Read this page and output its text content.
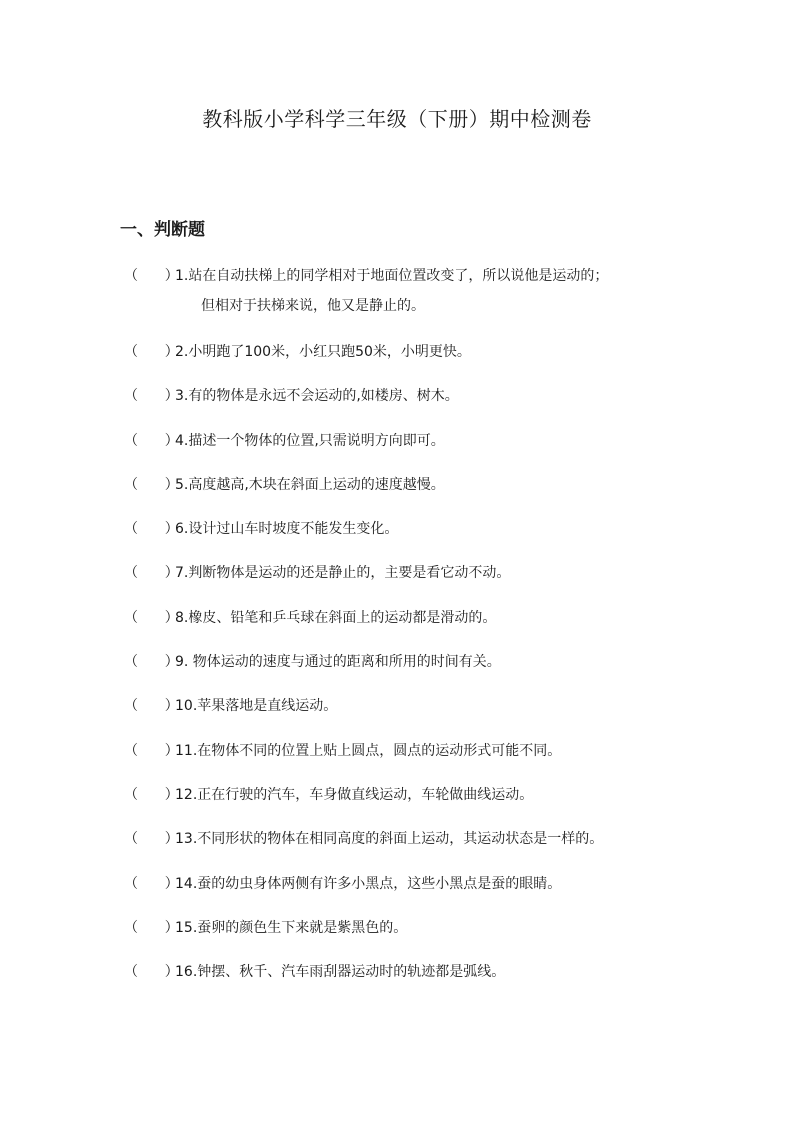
教科版小学科学三年级（下册）期中检测卷
一、判断题
（      ）1.站在自动扶梯上的同学相对于地面位置改变了，所以说他是运动的；
但相对于扶梯来说，他又是静止的。
（      ）2.小明跑了100米，小红只跑50米，小明更快。
（      ）3.有的物体是永远不会运动的,如楼房、树木。
（      ）4.描述一个物体的位置,只需说明方向即可。
（      ）5.高度越高,木块在斜面上运动的速度越慢。
（      ）6.设计过山车时坡度不能发生变化。
（      ）7.判断物体是运动的还是静止的，主要是看它动不动。
（      ）8.橡皮、铅笔和乒乓球在斜面上的运动都是滑动的。
（      ）9. 物体运动的速度与通过的距离和所用的时间有关。
（      ）10.苹果落地是直线运动。
（      ）11.在物体不同的位置上贴上圆点，圆点的运动形式可能不同。
（      ）12.正在行驶的汽车，车身做直线运动，车轮做曲线运动。
（      ）13.不同形状的物体在相同高度的斜面上运动，其运动状态是一样的。
（      ）14.蚕的幼虫身体两侧有许多小黑点，这些小黑点是蚕的眼睛。
（      ）15.蚕卵的颜色生下来就是紫黑色的。
（      ）16.钟摆、秋千、汽车雨刮器运动时的轨迹都是弧线。
